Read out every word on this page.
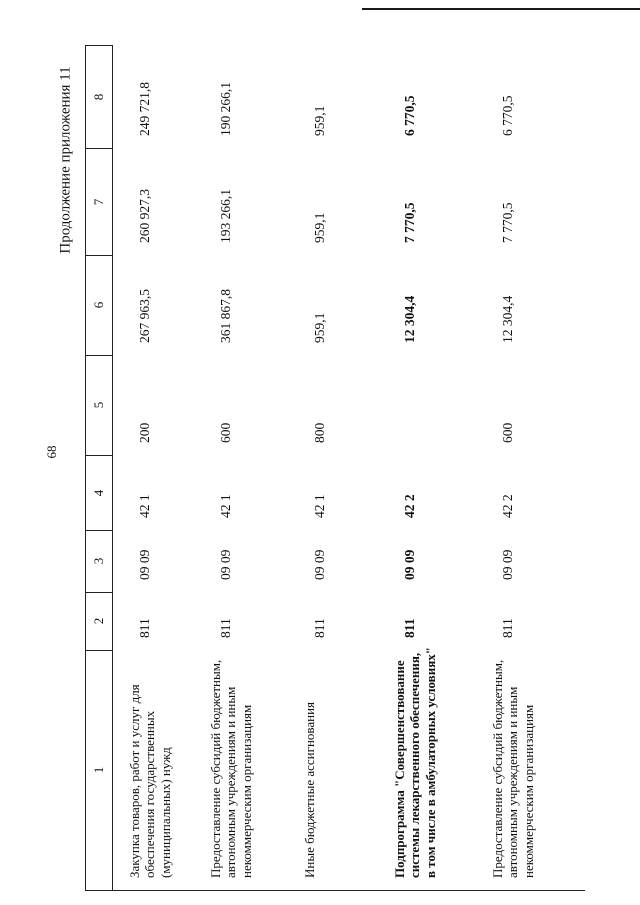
68
Продолжение приложения 11
1
2
3
4
5
6
7
8
Закупка товаров, работ и услуг для обеспечения государственных (муниципальных) нужд
811
09 09
42 1
200
267 963,5
260 927,3
249 721,8
Предоставление субсидий бюджетным, автономным учреждениям и иным некоммерческим организациям
811
09 09
42 1
600
361 867,8
193 266,1
190 266,1
Иные бюджетные ассигнования
811
09 09
42 1
800
959,1
959,1
959,1
Подпрограмма "Совершенствование системы лекарственного обеспечения, в том числе в амбулаторных условиях"
811
09 09
42 2
12 304,4
7 770,5
6 770,5
Предоставление субсидий бюджетным, автономным учреждениям и иным некоммерческим организациям
811
09 09
42 2
600
12 304,4
7 770,5
6 770,5
